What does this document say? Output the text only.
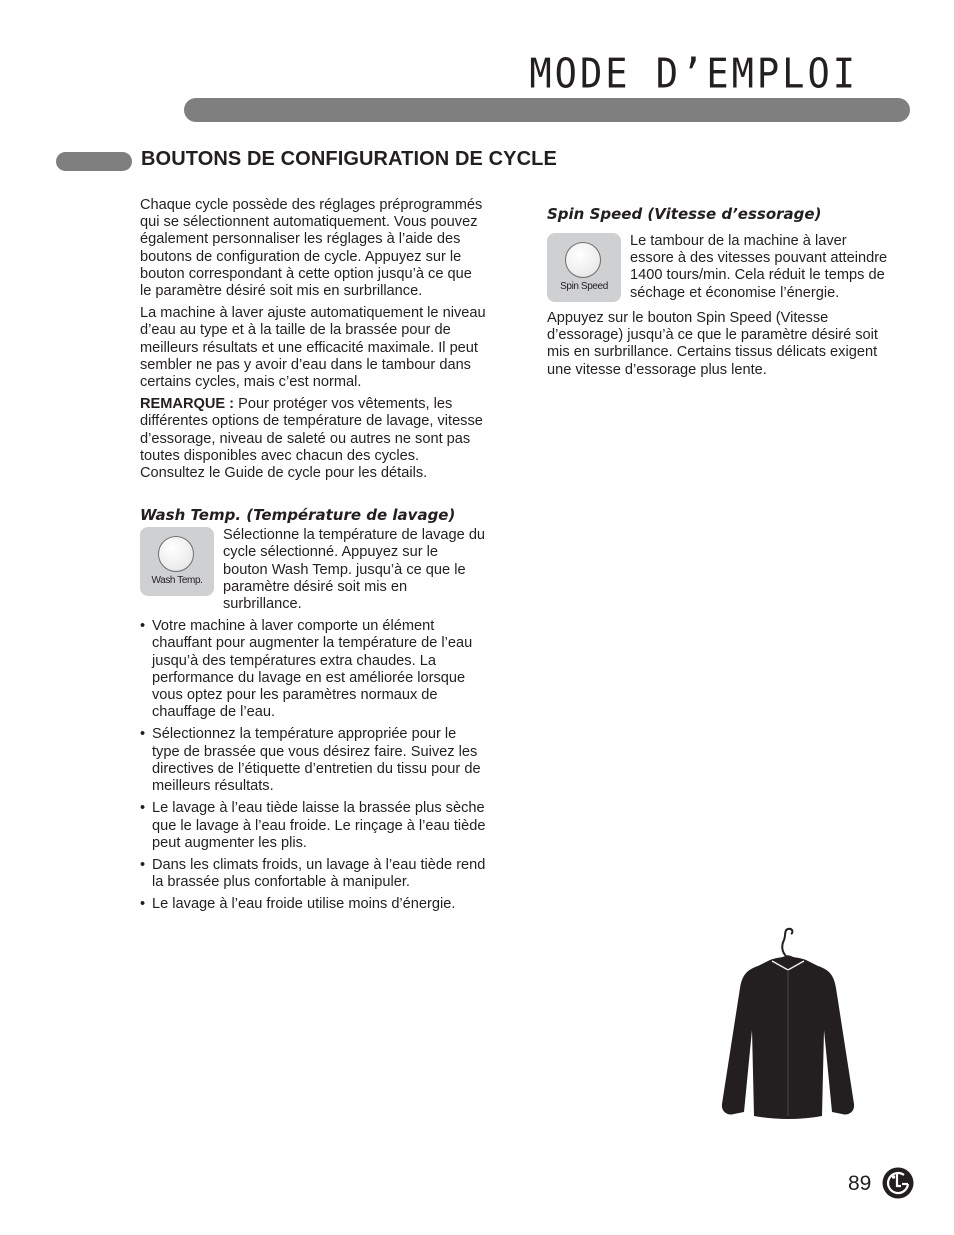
MODE D’EMPLOI
BOUTONS DE CONFIGURATION DE CYCLE

Chaque cycle possède des réglages préprogrammés qui se sélectionnent automatiquement. Vous pouvez également personnaliser les réglages à l’aide des boutons de configuration de cycle. Appuyez sur le bouton correspondant à cette option jusqu’à ce que le paramètre désiré soit mis en surbrillance.

La machine à laver ajuste automatiquement le niveau d’eau au type et à la taille de la brassée pour de meilleurs résultats et une efficacité maximale. Il peut sembler ne pas y avoir d’eau dans le tambour dans certains cycles, mais c’est normal.

REMARQUE : Pour protéger vos vêtements, les différentes options de température de lavage, vitesse d’essorage, niveau de saleté ou autres ne sont pas toutes disponibles avec chacun des cycles. Consultez le Guide de cycle pour les détails.

Wash Temp. (Température de lavage)
Wash Temp.

Sélectionne la température de lavage du cycle sélectionné. Appuyez sur le bouton Wash Temp. jusqu’à ce que le paramètre désiré soit mis en surbrillance.

• Votre machine à laver comporte un élément chauffant pour augmenter la température de l’eau jusqu’à des températures extra chaudes. La performance du lavage en est améliorée lorsque vous optez pour les paramètres normaux de chauffage de l’eau.
• Sélectionnez la température appropriée pour le type de brassée que vous désirez faire. Suivez les directives de l’étiquette d’entretien du tissu pour de meilleurs résultats.
• Le lavage à l’eau tiède laisse la brassée plus sèche que le lavage à l’eau froide. Le rinçage à l’eau tiède peut augmenter les plis.
• Dans les climats froids, un lavage à l’eau tiède rend la brassée plus confortable à manipuler.
• Le lavage à l’eau froide utilise moins d’énergie.
Spin Speed (Vitesse d’essorage)
Spin Speed

Le tambour de la machine à laver essore à des vitesses pouvant atteindre 1400 tours/min. Cela réduit le temps de séchage et économise l’énergie.

Appuyez sur le bouton Spin Speed (Vitesse d’essorage) jusqu’à ce que le paramètre désiré soit mis en surbrillance. Certains tissus délicats exigent une vitesse d’essorage plus lente.

89
